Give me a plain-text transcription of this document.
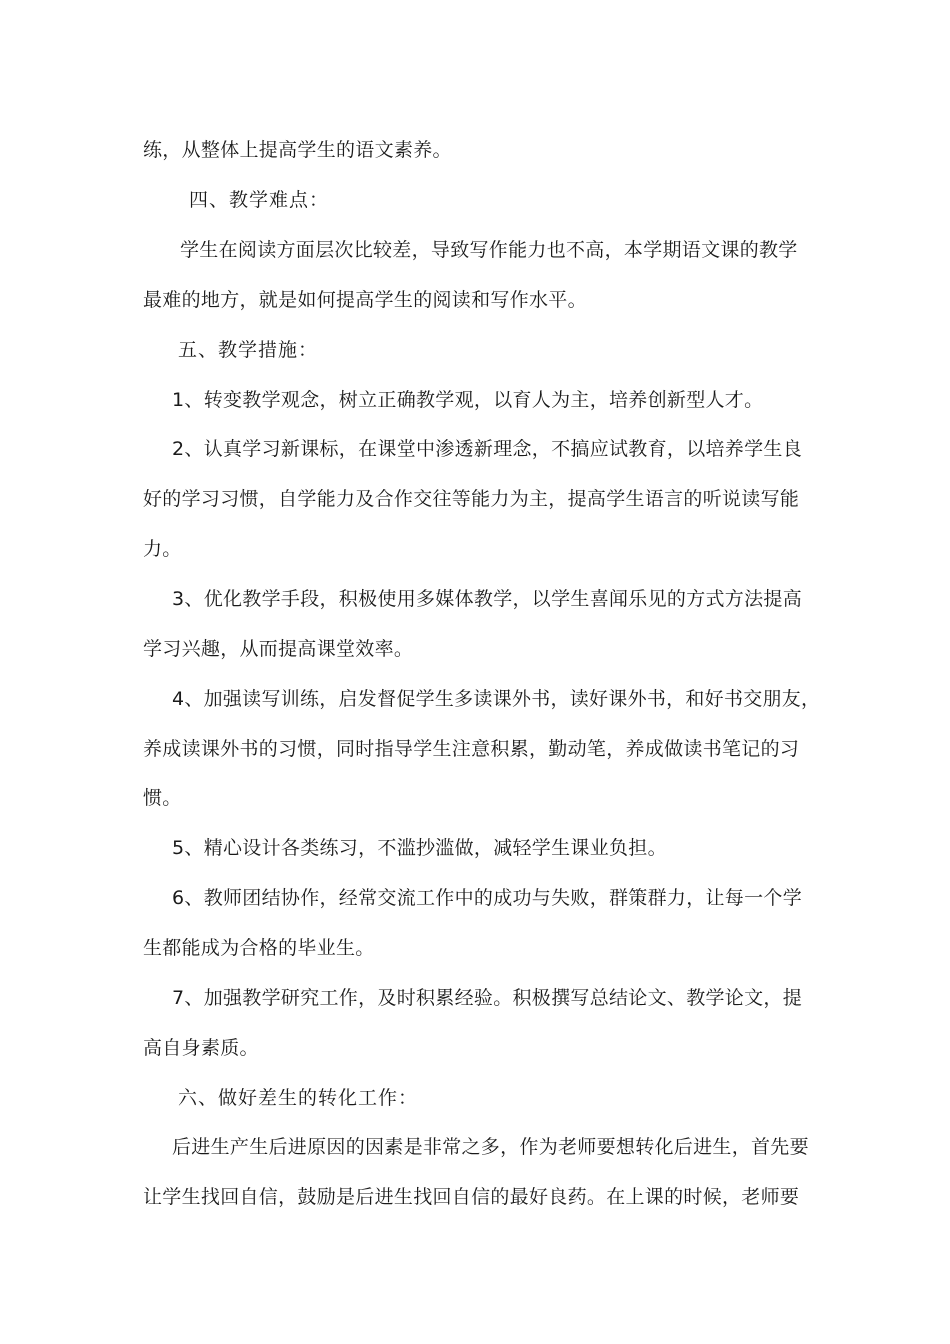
练，从整体上提高学生的语文素养。
四、教学难点：
学生在阅读方面层次比较差，导致写作能力也不高，本学期语文课的教学
最难的地方，就是如何提高学生的阅读和写作水平。
五、教学措施：
1、转变教学观念，树立正确教学观，以育人为主，培养创新型人才。
2、认真学习新课标，在课堂中渗透新理念，不搞应试教育，以培养学生良
好的学习习惯，自学能力及合作交往等能力为主，提高学生语言的听说读写能
力。
3、优化教学手段，积极使用多媒体教学，以学生喜闻乐见的方式方法提高
学习兴趣，从而提高课堂效率。
4、加强读写训练，启发督促学生多读课外书，读好课外书，和好书交朋友，
养成读课外书的习惯，同时指导学生注意积累，勤动笔，养成做读书笔记的习
惯。
5、精心设计各类练习，不滥抄滥做，减轻学生课业负担。
6、教师团结协作，经常交流工作中的成功与失败，群策群力，让每一个学
生都能成为合格的毕业生。
7、加强教学研究工作，及时积累经验。积极撰写总结论文、教学论文，提
高自身素质。
六、做好差生的转化工作：
后进生产生后进原因的因素是非常之多，作为老师要想转化后进生，首先要
让学生找回自信，鼓励是后进生找回自信的最好良药。在上课的时候，老师要
